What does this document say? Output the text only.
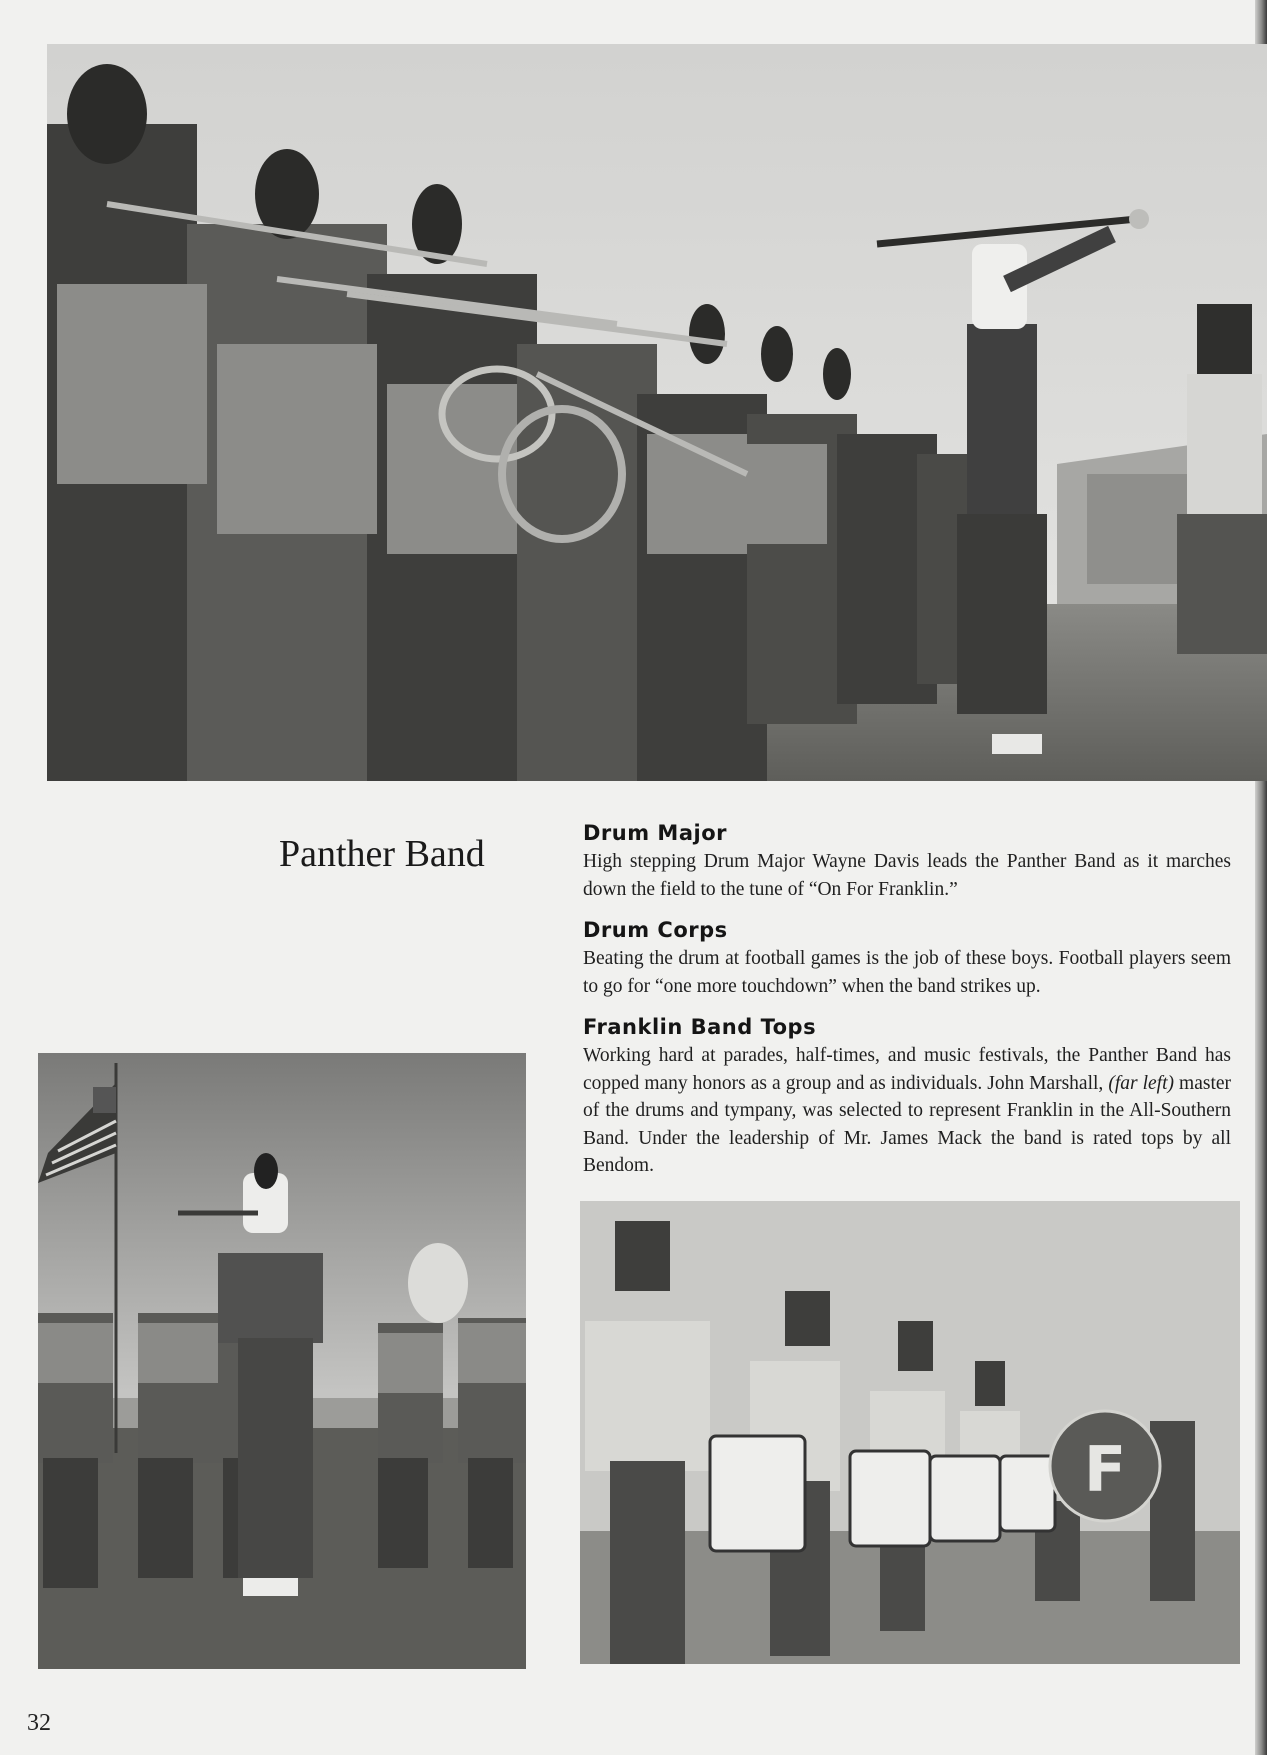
Panther Band	Drum Major

High stepping Drum Major Wayne Davis leads the Panther Band as it marches down the field to the tune of “On For Franklin.”

Drum Corps

Beating the drum at football games is the job of these boys. Football players seem to go for “one more touchdown” when the band strikes up.

Franklin Band Tops

Working hard at parades, half-times, and music festivals, the Panther Band has copped many honors as a group and as individuals. John Marshall, (far left) master of the drums and tympany, was selected to represent Franklin in the All-Southern Band. Under the leadership of Mr. James Mack the band is rated tops by all Bendom.

F
32
